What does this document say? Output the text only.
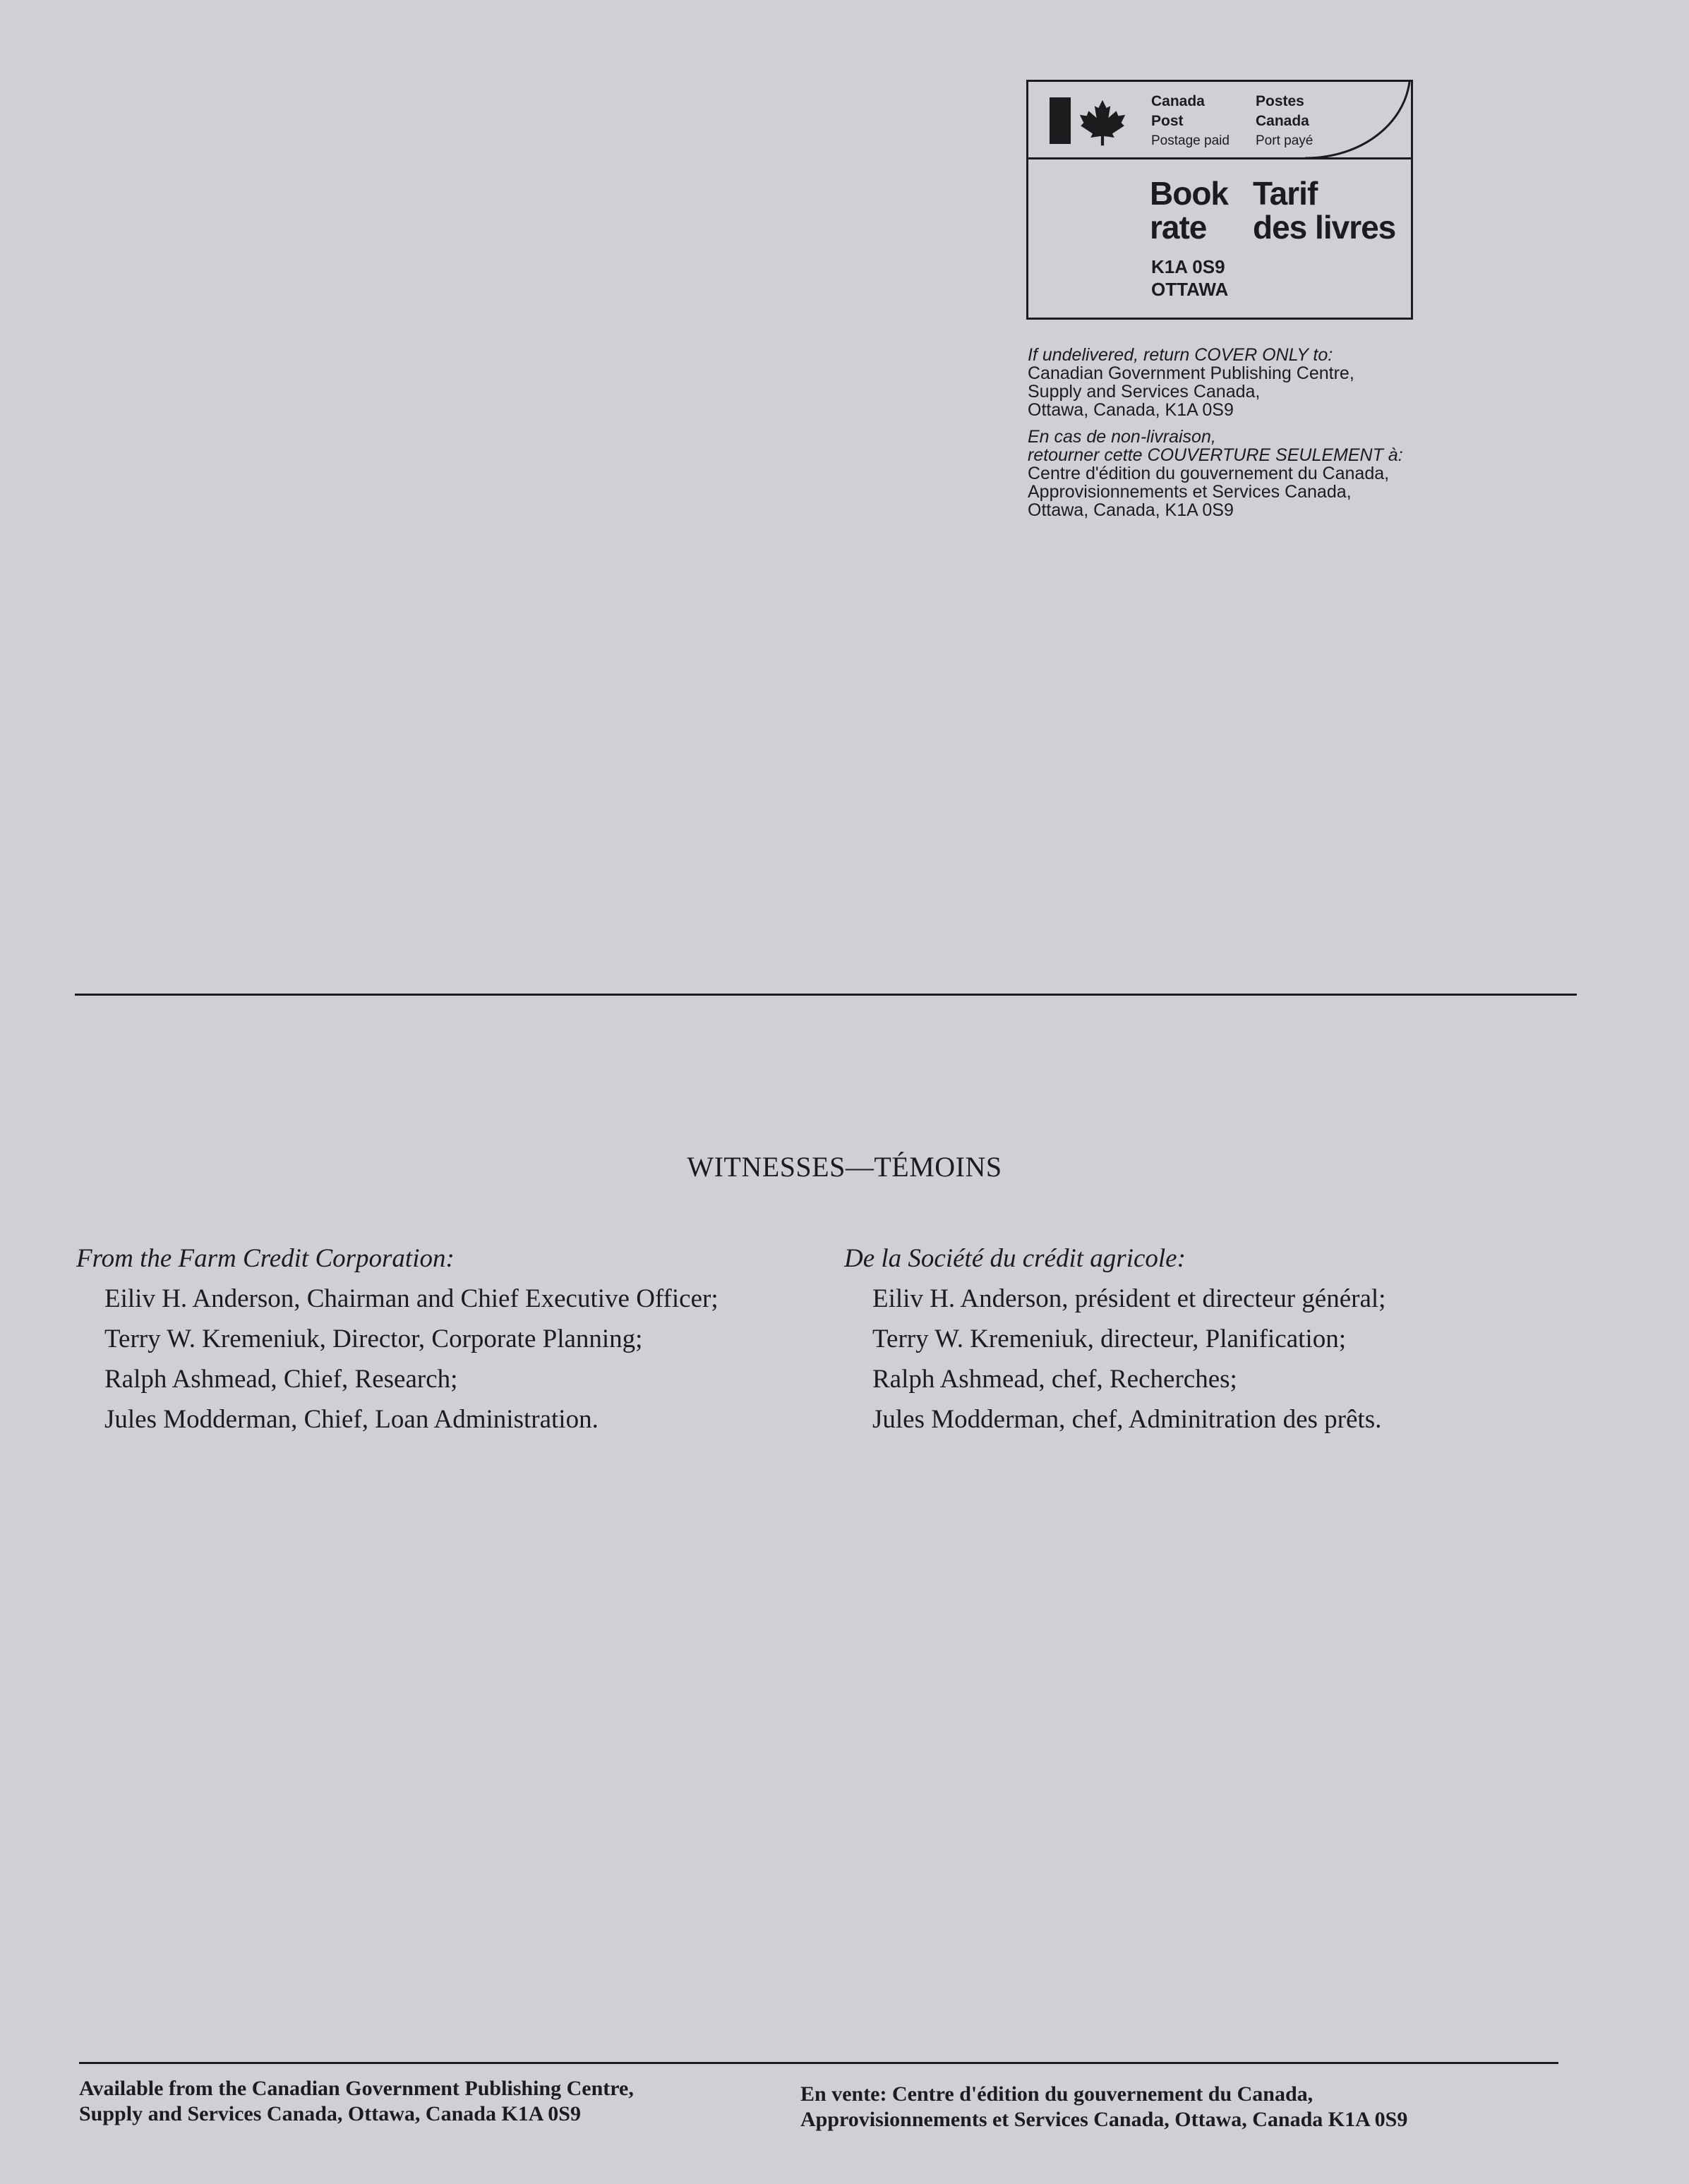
Canada
Post
Postage paid
Postes
Canada
Port payé
Book
rate
Tarif
des livres
K1A 0S9
OTTAWA
If undelivered, return COVER ONLY to:
Canadian Government Publishing Centre,
Supply and Services Canada,
Ottawa, Canada, K1A 0S9
En cas de non-livraison,
retourner cette COUVERTURE SEULEMENT à:
Centre d'édition du gouvernement du Canada,
Approvisionnements et Services Canada,
Ottawa, Canada, K1A 0S9
WITNESSES—TÉMOINS
From the Farm Credit Corporation:
Eiliv H. Anderson, Chairman and Chief Executive Officer;
Terry W. Kremeniuk, Director, Corporate Planning;
Ralph Ashmead, Chief, Research;
Jules Modderman, Chief, Loan Administration.
De la Société du crédit agricole:
Eiliv H. Anderson, président et directeur général;
Terry W. Kremeniuk, directeur, Planification;
Ralph Ashmead, chef, Recherches;
Jules Modderman, chef, Adminitration des prêts.
Available from the Canadian Government Publishing Centre,
Supply and Services Canada, Ottawa, Canada K1A 0S9
En vente: Centre d'édition du gouvernement du Canada,
Approvisionnements et Services Canada, Ottawa, Canada K1A 0S9
